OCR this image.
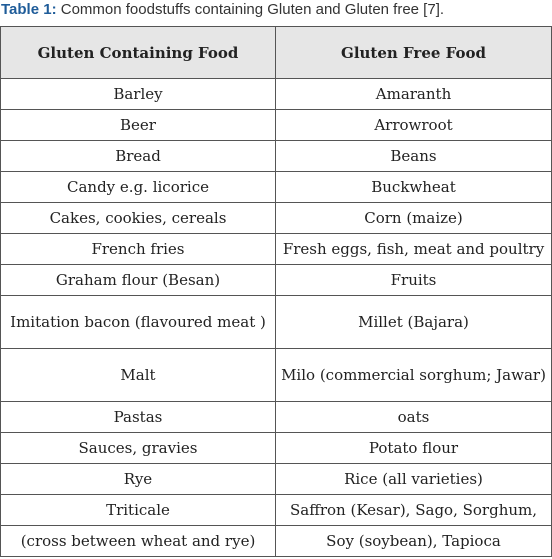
Table 1: Common foodstuffs containing Gluten and Gluten free [7].
Gluten Containing Food	Gluten Free Food
Barley	Amaranth
Beer	Arrowroot
Bread	Beans
Candy e.g. licorice	Buckwheat
Cakes, cookies, cereals	Corn (maize)
French fries	Fresh eggs, fish, meat and poultry
Graham flour (Besan)	Fruits
Imitation bacon (flavoured meat )	Millet (Bajara)
Malt	Milo (commercial sorghum; Jawar)
Pastas	oats
Sauces, gravies	Potato flour
Rye	Rice (all varieties)
Triticale	Saffron (Kesar), Sago, Sorghum,
(cross between wheat and rye)	Soy (soybean), Tapioca
